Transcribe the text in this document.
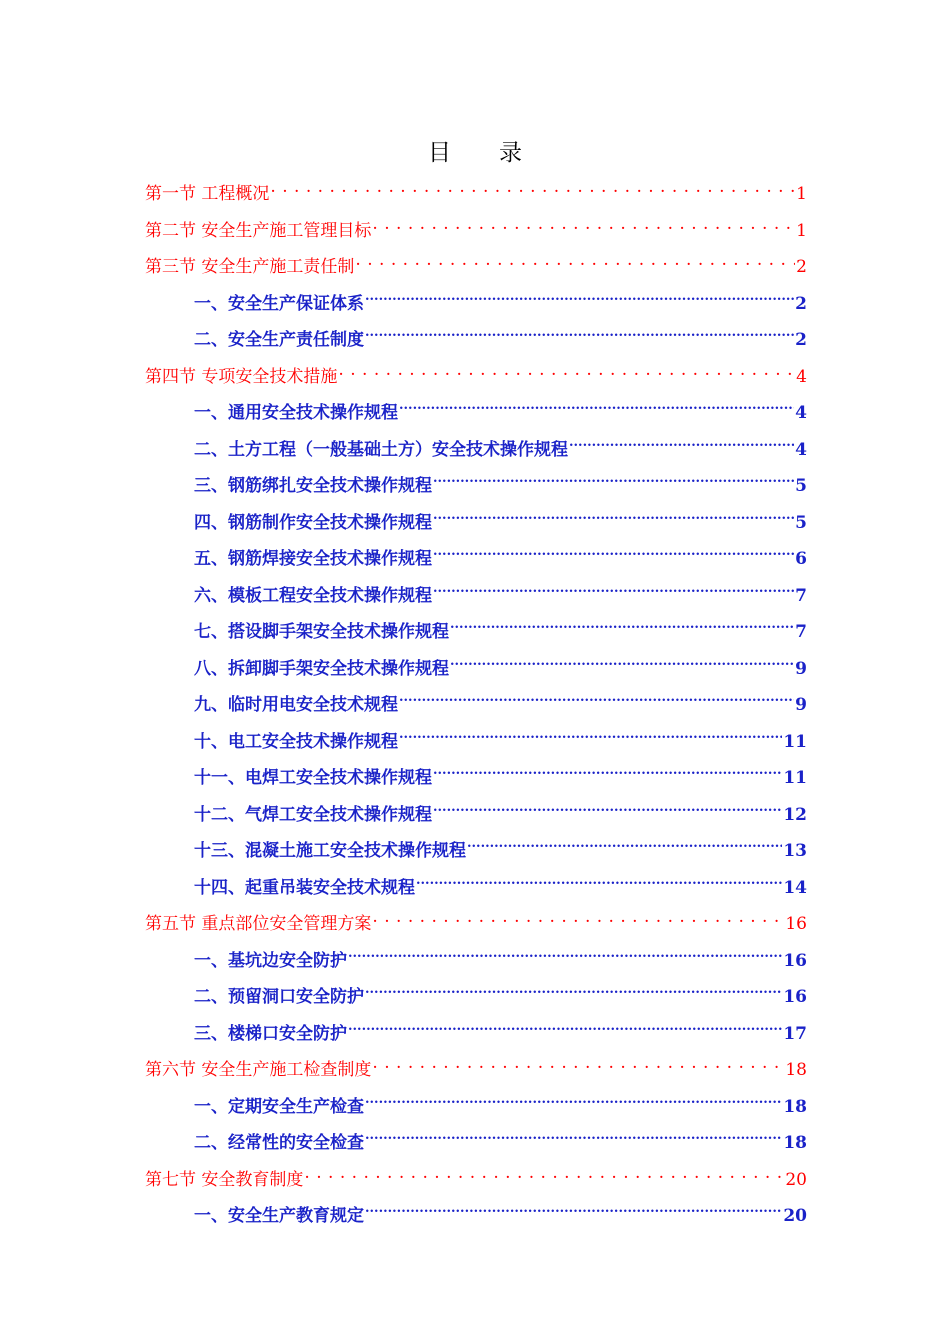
目 录
第一节 工程概况 . . .	1
第二节 安全生产施工管理目标 . . .	1
第三节 安全生产施工责任制 . . .	2
一、安全生产保证体系 .....	2
二、安全生产责任制度 .....	2
第四节 专项安全技术措施 . . .	4
一、通用安全技术操作规程 .....	4
二、土方工程（一般基础土方）安全技术操作规程 .....	4
三、钢筋绑扎安全技术操作规程 .....	5
四、钢筋制作安全技术操作规程 .....	5
五、钢筋焊接安全技术操作规程 .....	6
六、模板工程安全技术操作规程 .....	7
七、搭设脚手架安全技术操作规程 .....	7
八、拆卸脚手架安全技术操作规程 .....	9
九、临时用电安全技术规程 .....	9
十、电工安全技术操作规程 .....	11
十一、电焊工安全技术操作规程 .....	11
十二、气焊工安全技术操作规程 .....	12
十三、混凝土施工安全技术操作规程 .....	13
十四、起重吊装安全技术规程 .....	14
第五节 重点部位安全管理方案 . . .	16
一、基坑边安全防护 .....	16
二、预留洞口安全防护 .....	16
三、楼梯口安全防护 .....	17
第六节 安全生产施工检查制度 . . .	18
一、定期安全生产检查 .....	18
二、经常性的安全检查 .....	18
第七节 安全教育制度 . . .	20
一、安全生产教育规定 .....	20
